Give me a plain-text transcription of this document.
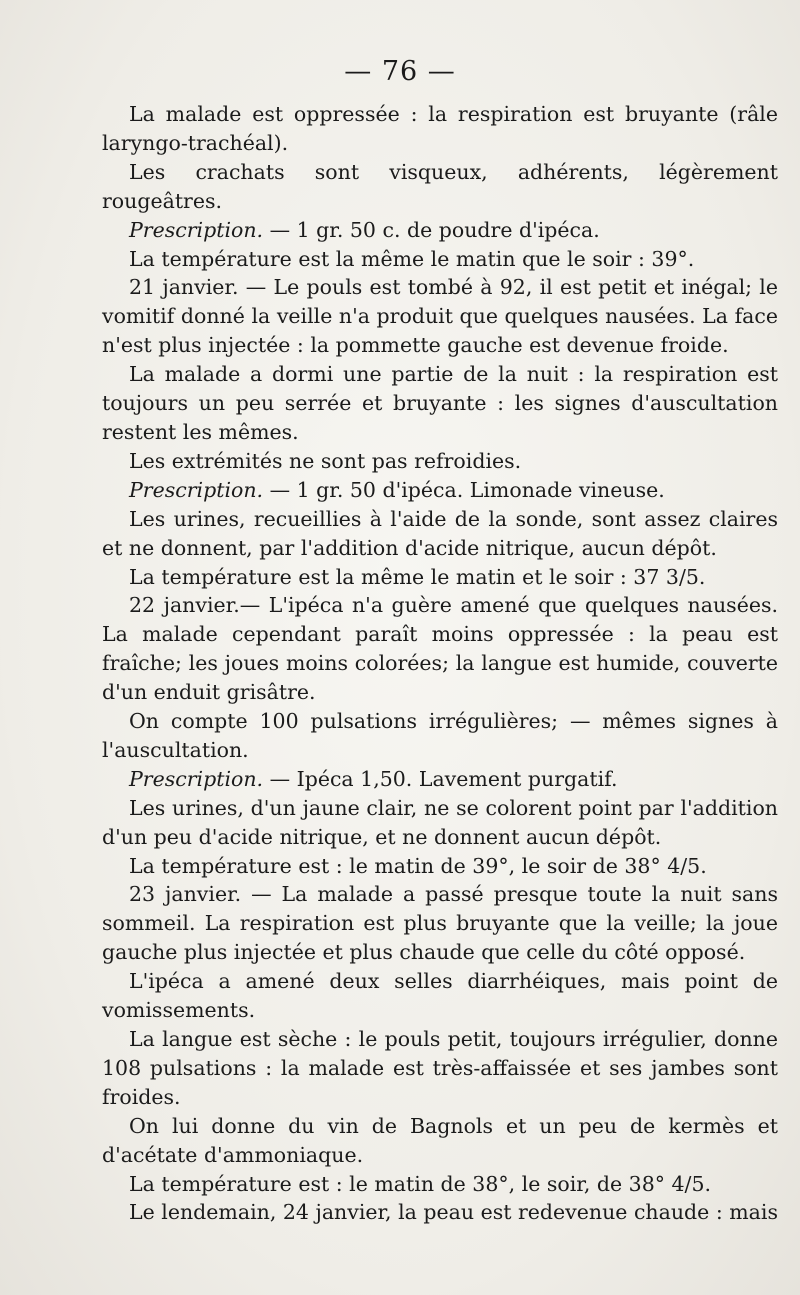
— 76 —

La malade est oppressée : la respiration est bruyante (râle laryngo-trachéal).

Les crachats sont visqueux, adhérents, légèrement rougeâtres.

Prescription. — 1 gr. 50 c. de poudre d'ipéca.

La température est la même le matin que le soir : 39°.

21 janvier. — Le pouls est tombé à 92, il est petit et inégal; le vomitif donné la veille n'a produit que quelques nausées. La face n'est plus injectée : la pommette gauche est devenue froide.

La malade a dormi une partie de la nuit : la respiration est toujours un peu serrée et bruyante : les signes d'auscultation restent les mêmes.

Les extrémités ne sont pas refroidies.

Prescription. — 1 gr. 50 d'ipéca. Limonade vineuse.

Les urines, recueillies à l'aide de la sonde, sont assez claires et ne donnent, par l'addition d'acide nitrique, aucun dépôt.

La température est la même le matin et le soir : 37 3/5.

22 janvier.— L'ipéca n'a guère amené que quelques nausées. La malade cependant paraît moins oppressée : la peau est fraîche; les joues moins colorées; la langue est humide, couverte d'un enduit grisâtre.

On compte 100 pulsations irrégulières; — mêmes signes à l'auscultation.

Prescription. — Ipéca 1,50. Lavement purgatif.

Les urines, d'un jaune clair, ne se colorent point par l'addition d'un peu d'acide nitrique, et ne donnent aucun dépôt.

La température est : le matin de 39°, le soir de 38° 4/5.

23 janvier. — La malade a passé presque toute la nuit sans sommeil. La respiration est plus bruyante que la veille; la joue gauche plus injectée et plus chaude que celle du côté opposé.

L'ipéca a amené deux selles diarrhéiques, mais point de vomissements.

La langue est sèche : le pouls petit, toujours irrégulier, donne 108 pulsations : la malade est très-affaissée et ses jambes sont froides.

On lui donne du vin de Bagnols et un peu de kermès et d'acétate d'ammoniaque.

La température est : le matin de 38°, le soir, de 38° 4/5.

Le lendemain, 24 janvier, la peau est redevenue chaude : mais
